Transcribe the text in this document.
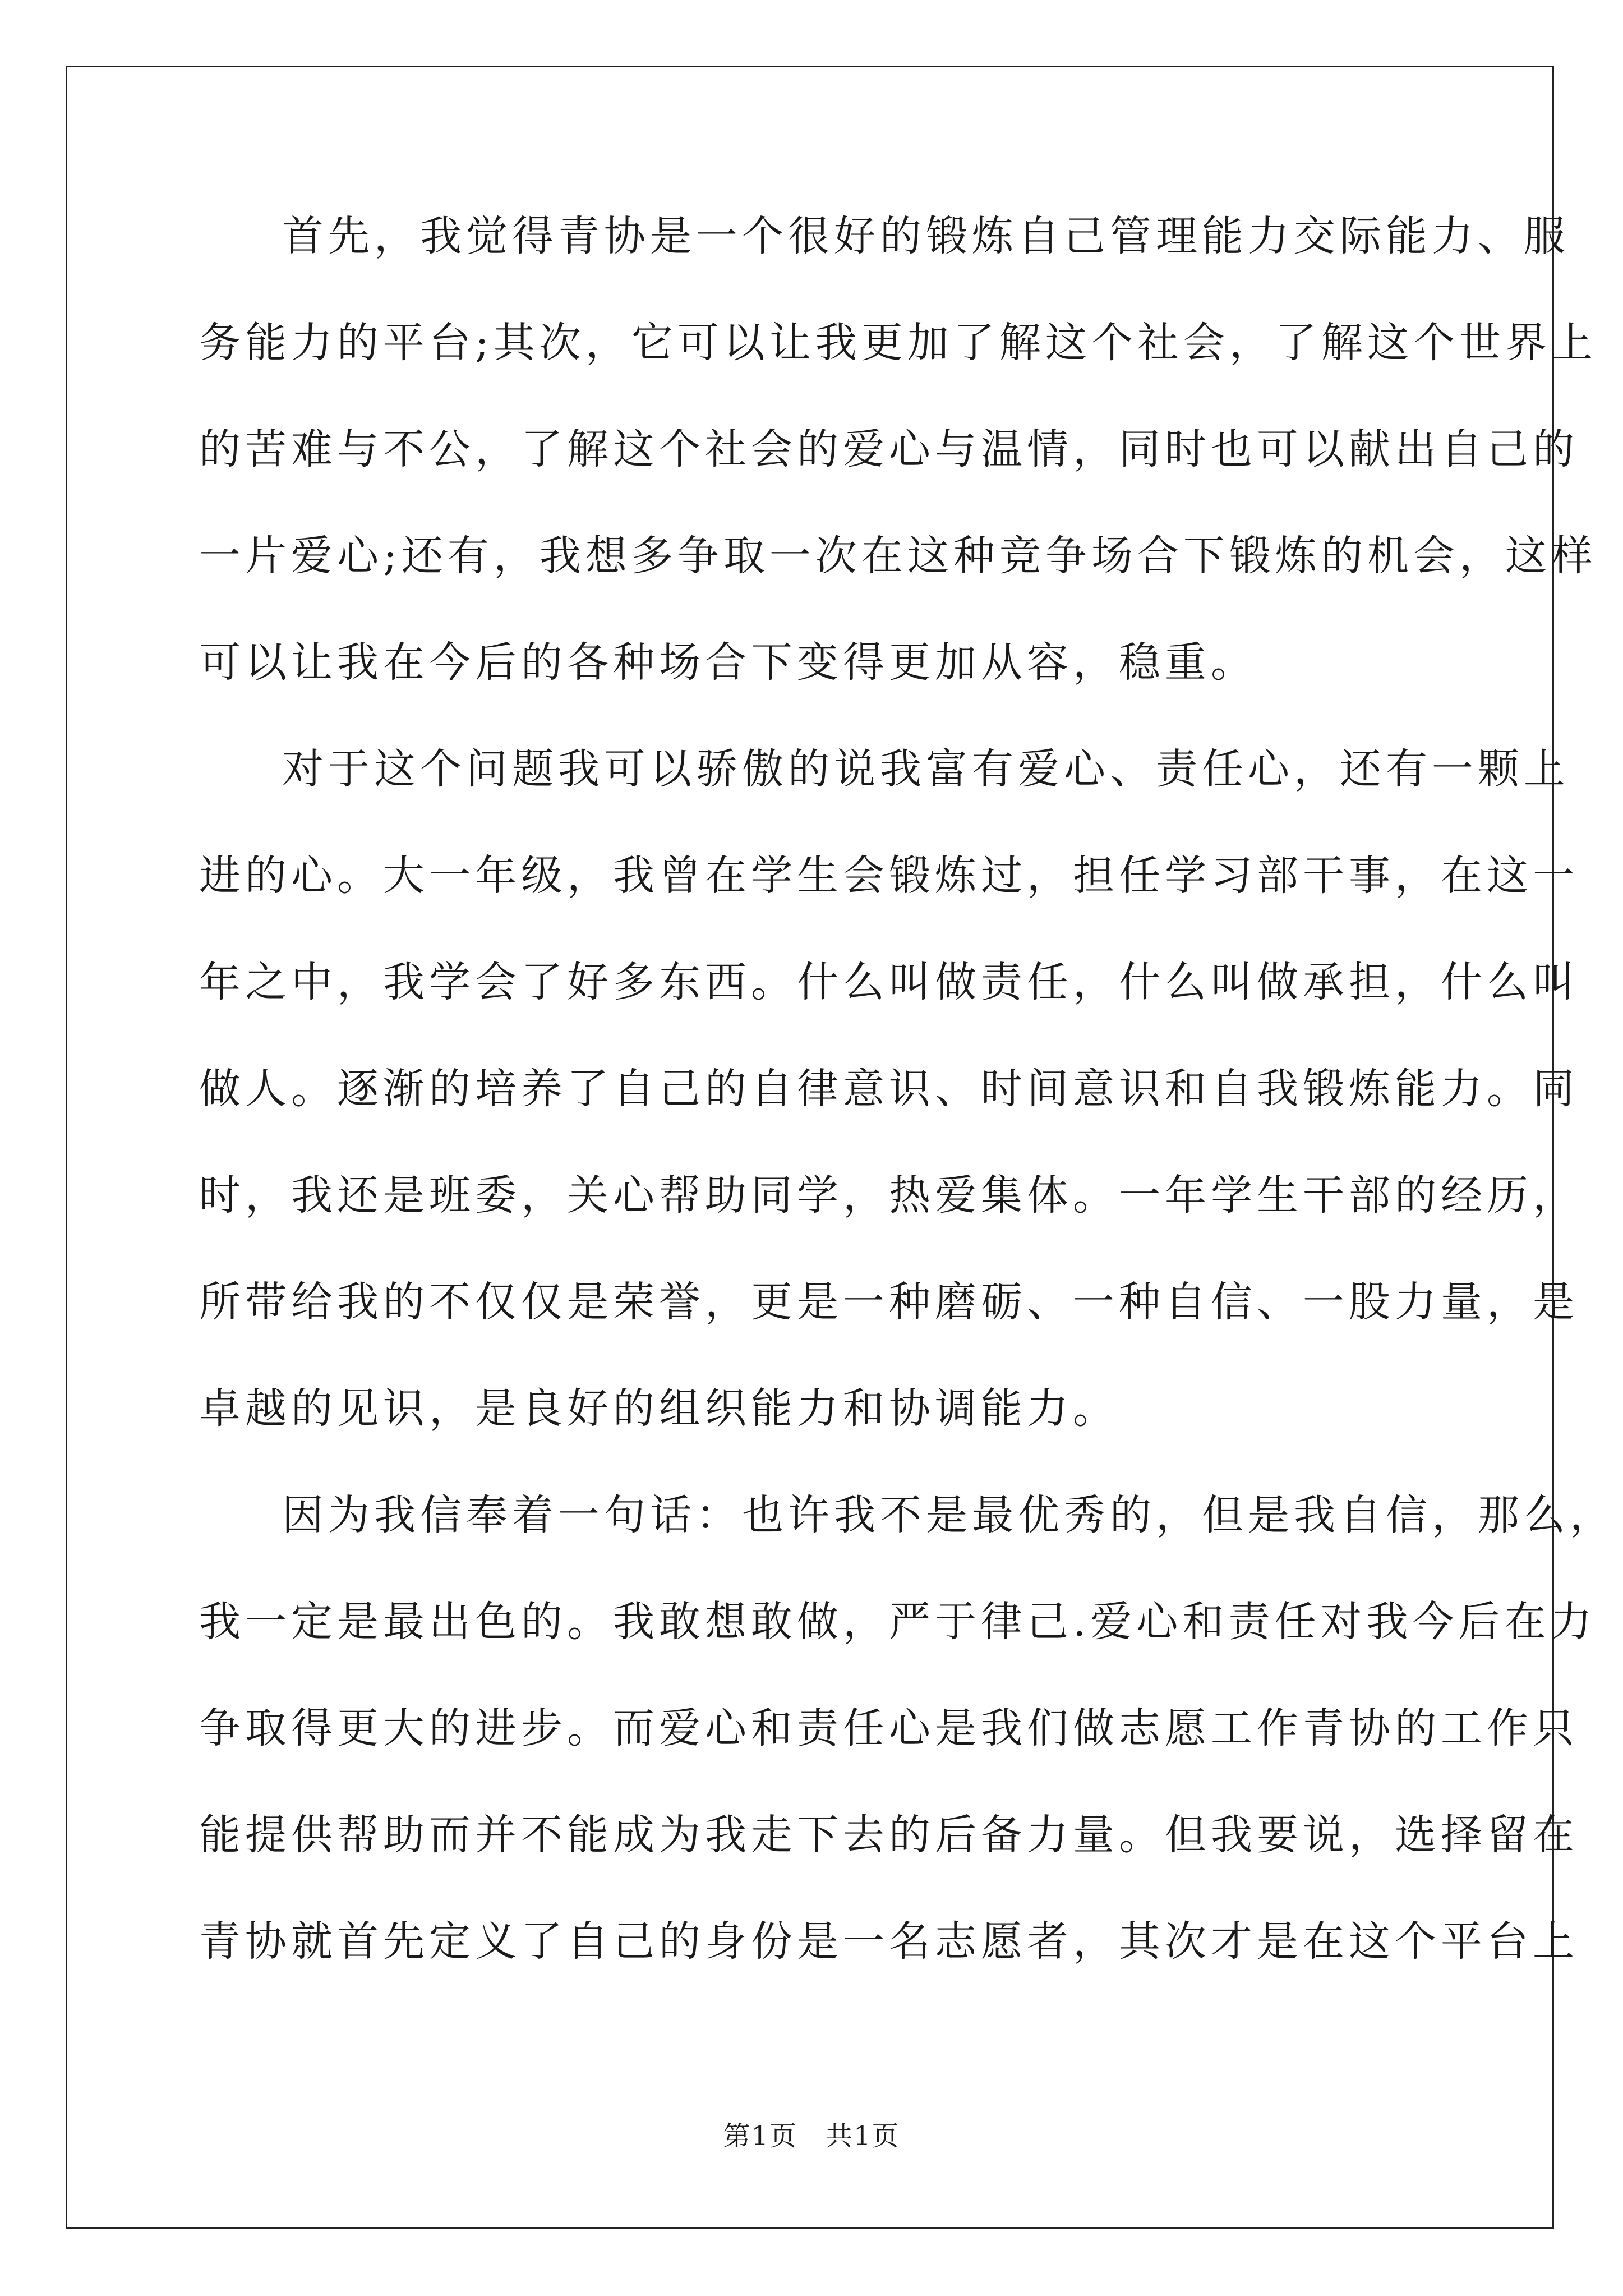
首先，我觉得青协是一个很好的锻炼自己管理能力交际能力、服
务能力的平台;其次，它可以让我更加了解这个社会，了解这个世界上
的苦难与不公，了解这个社会的爱心与温情，同时也可以献出自己的
一片爱心;还有，我想多争取一次在这种竞争场合下锻炼的机会，这样
可以让我在今后的各种场合下变得更加从容，稳重。
对于这个问题我可以骄傲的说我富有爱心、责任心，还有一颗上
进的心。大一年级，我曾在学生会锻炼过，担任学习部干事，在这一
年之中，我学会了好多东西。什么叫做责任，什么叫做承担，什么叫
做人。逐渐的培养了自己的自律意识、时间意识和自我锻炼能力。同
时，我还是班委，关心帮助同学，热爱集体。一年学生干部的经历，
所带给我的不仅仅是荣誉，更是一种磨砺、一种自信、一股力量，是
卓越的见识，是良好的组织能力和协调能力。
因为我信奉着一句话：也许我不是最优秀的，但是我自信，那么，
我一定是最出色的。我敢想敢做，严于律己.爱心和责任对我今后在力
争取得更大的进步。而爱心和责任心是我们做志愿工作青协的工作只
能提供帮助而并不能成为我走下去的后备力量。但我要说，选择留在
青协就首先定义了自己的身份是一名志愿者，其次才是在这个平台上
第1页　共1页
